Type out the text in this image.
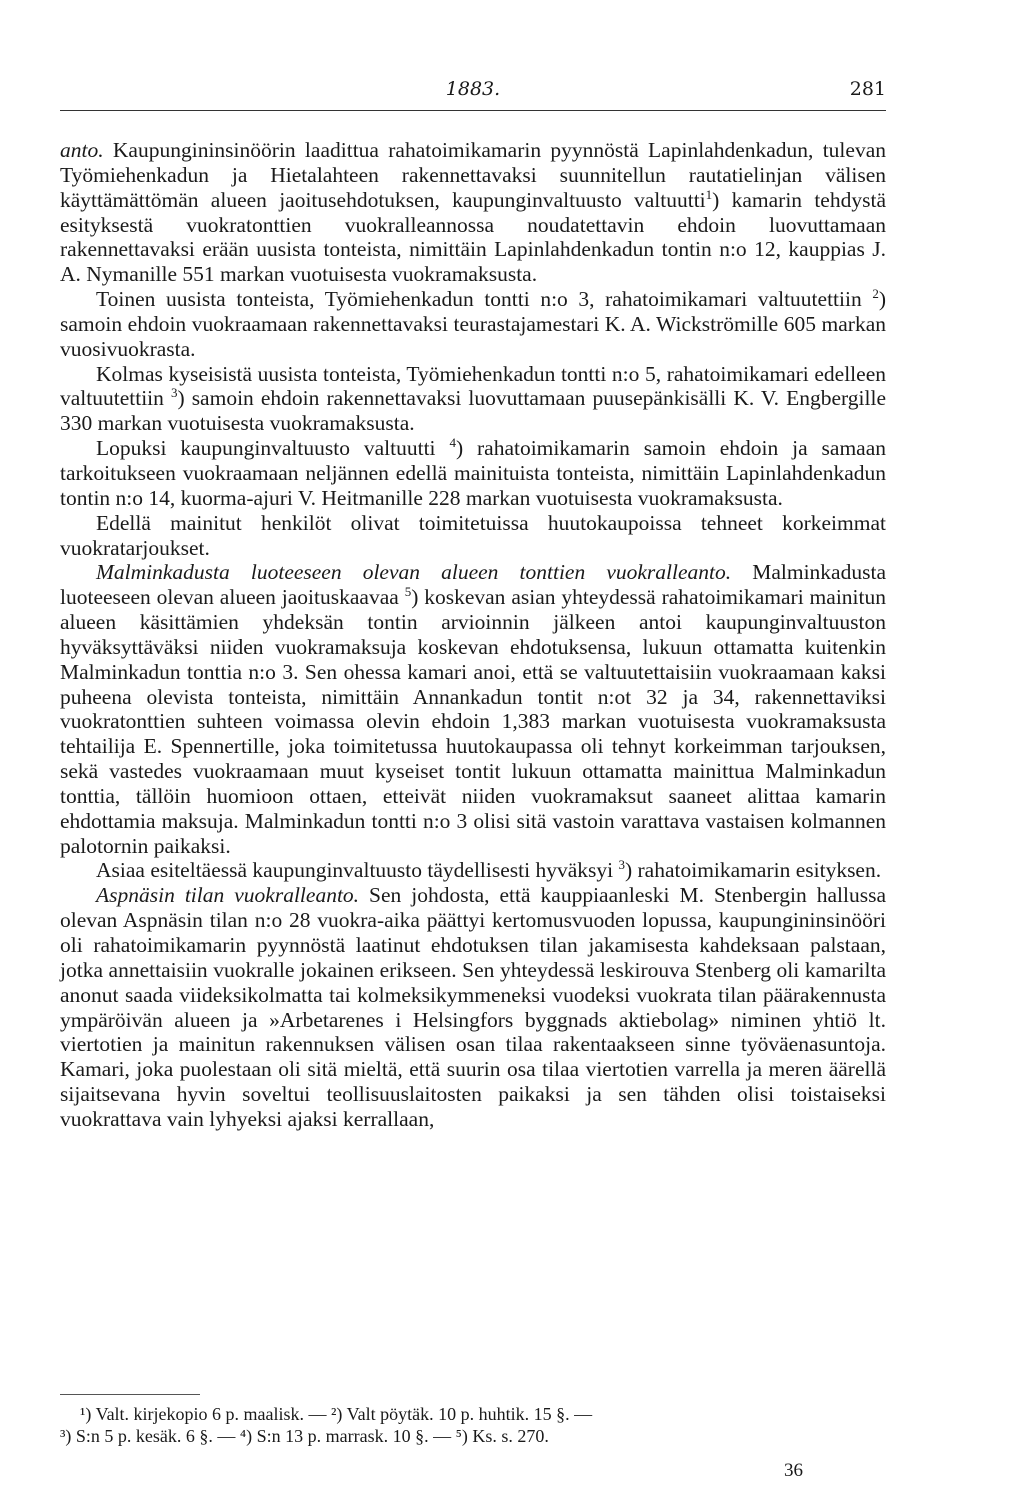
1883.	281

anto. Kaupungininsinöörin laadittua rahatoimikamarin pyynnöstä Lapinlahdenkadun, tulevan Työmiehenkadun ja Hietalahteen rakennettavaksi suunnitellun rautatielinjan välisen käyttämättömän alueen jaoitusehdotuksen, kaupunginvaltuusto valtuutti$^1$) kamarin tehdystä esityksestä vuokratonttien vuokralleannossa noudatettavin ehdoin luovuttamaan rakennettavaksi erään uusista tonteista, nimittäin Lapinlahdenkadun tontin n:o 12, kauppias J. A. Nymanille 551 markan vuotuisesta vuokramaksusta.

Toinen uusista tonteista, Työmiehenkadun tontti n:o 3, rahatoimikamari valtuutettiin $^2$) samoin ehdoin vuokraamaan rakennettavaksi teurastajamestari K. A. Wickströmille 605 markan vuosivuokrasta.

Kolmas kyseisistä uusista tonteista, Työmiehenkadun tontti n:o 5, rahatoimikamari edelleen valtuutettiin $^3$) samoin ehdoin rakennettavaksi luovuttamaan puusepänkisälli K. V. Engbergille 330 markan vuotuisesta vuokramaksusta.

Lopuksi kaupunginvaltuusto valtuutti $^4$) rahatoimikamarin samoin ehdoin ja samaan tarkoitukseen vuokraamaan neljännen edellä mainituista tonteista, nimittäin Lapinlahdenkadun tontin n:o 14, kuorma-ajuri V. Heitmanille 228 markan vuotuisesta vuokramaksusta.

Edellä mainitut henkilöt olivat toimitetuissa huutokaupoissa tehneet korkeimmat vuokratarjoukset.

Malminkadusta luoteeseen olevan alueen tonttien vuokralleanto. Malminkadusta luoteeseen olevan alueen jaoituskaavaa $^5$) koskevan asian yhteydessä rahatoimikamari mainitun alueen käsittämien yhdeksän tontin arvioinnin jälkeen antoi kaupunginvaltuuston hyväksyttäväksi niiden vuokramaksuja koskevan ehdotuksensa, lukuun ottamatta kuitenkin Malminkadun tonttia n:o 3. Sen ohessa kamari anoi, että se valtuutettaisiin vuokraamaan kaksi puheena olevista tonteista, nimittäin Annankadun tontit n:ot 32 ja 34, rakennettaviksi vuokratonttien suhteen voimassa olevin ehdoin 1,383 markan vuotuisesta vuokramaksusta tehtailija E. Spennertille, joka toimitetussa huutokaupassa oli tehnyt korkeimman tarjouksen, sekä vastedes vuokraamaan muut kyseiset tontit lukuun ottamatta mainittua Malminkadun tonttia, tällöin huomioon ottaen, etteivät niiden vuokramaksut saaneet alittaa kamarin ehdottamia maksuja. Malminkadun tontti n:o 3 olisi sitä vastoin varattava vastaisen kolmannen palotornin paikaksi.

Asiaa esiteltäessä kaupunginvaltuusto täydellisesti hyväksyi $^3$) rahatoimikamarin esityksen.

Aspnäsin tilan vuokralleanto. Sen johdosta, että kauppiaanleski M. Stenbergin hallussa olevan Aspnäsin tilan n:o 28 vuokra-aika päättyi kertomusvuoden lopussa, kaupungininsinööri oli rahatoimikamarin pyynnöstä laatinut ehdotuksen tilan jakamisesta kahdeksaan palstaan, jotka annettaisiin vuokralle jokainen erikseen. Sen yhteydessä leskirouva Stenberg oli kamarilta anonut saada viideksikolmatta tai kolmeksikymmeneksi vuodeksi vuokrata tilan päärakennusta ympäröivän alueen ja »Arbetarenes i Helsingfors byggnads aktiebolag» niminen yhtiö lt. viertotien ja mainitun rakennuksen välisen osan tilaa rakentaakseen sinne työväenasuntoja. Kamari, joka puolestaan oli sitä mieltä, että suurin osa tilaa viertotien varrella ja meren äärellä sijaitsevana hyvin soveltui teollisuuslaitosten paikaksi ja sen tähden olisi toistaiseksi vuokrattava vain lyhyeksi ajaksi kerrallaan,

¹) Valt. kirjekopio 6 p. maalisk. — ²) Valt pöytäk. 10 p. huhtik. 15 §. —
³) S:n 5 p. kesäk. 6 §. — ⁴) S:n 13 p. marrask. 10 §. — ⁵) Ks. s. 270.
36
